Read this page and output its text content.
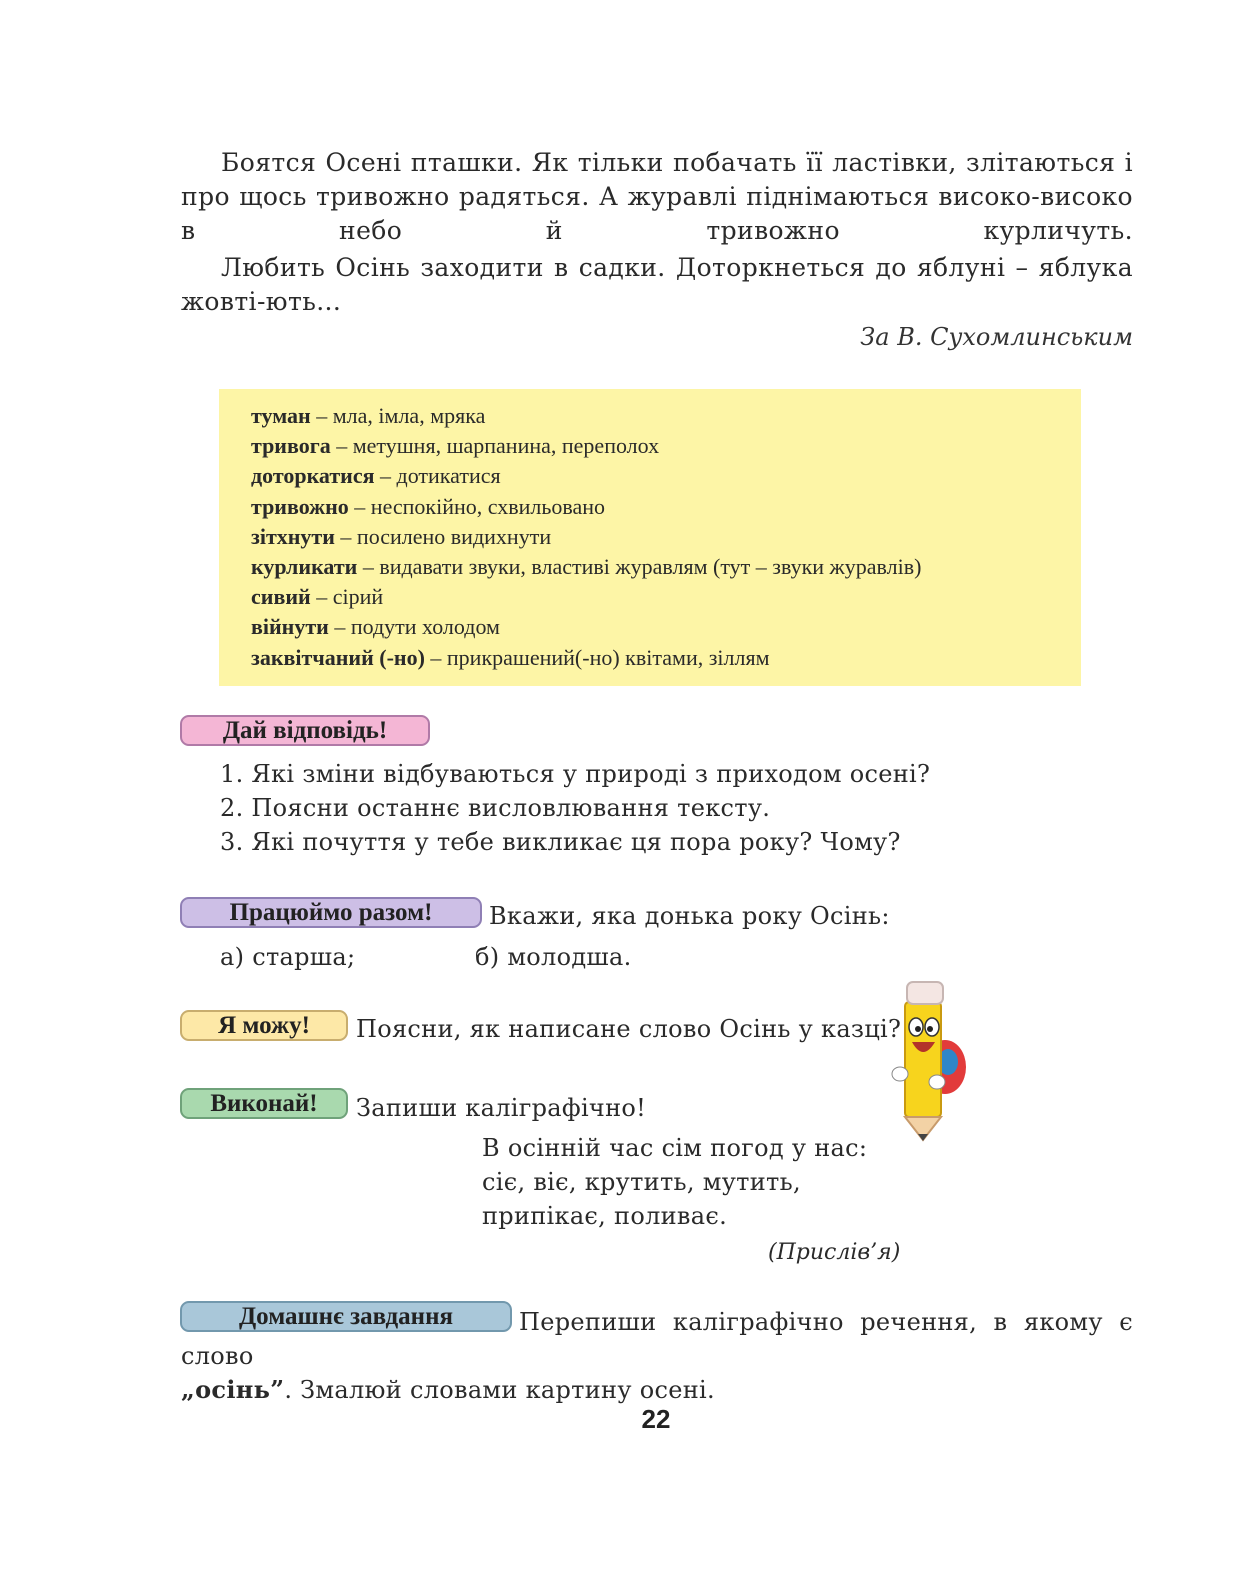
Боятся Осені пташки. Як тільки побачать її ластівки, злітаються і про щось тривожно радяться. А журавлі піднімаються високо-високо в небо й тривожно курличуть.

Любить Осінь заходити в садки. Доторкнеться до яблуні – яблука жовті-ють...

За В. Сухомлинським
туман – мла, імла, мряка
тривога – метушня, шарпанина, переполох
доторкатися – дотикатися
тривожно – неспокійно, схвильовано
зітхнути – посилено видихнути
курликати – видавати звуки, властиві журавлям (тут – звуки журавлів)
сивий – сірий
війнути – подути холодом
заквітчаний (-но) – прикрашений(-но) квітами, зіллям
Дай відповідь!
1. Які зміни відбуваються у природі з приходом осені?
2. Поясни останнє висловлювання тексту.
3. Які почуття у тебе викликає ця пора року? Чому?
Працюймо разом!	Вкажи, яка донька року Осінь:
а) старша;	б) молодша.
Я можу!	Поясни, як написане слово Осінь у казці?
Виконай!	Запиши каліграфічно!
В осінній час сім погод у нас:
сіє, віє, крутить, мутить,
припікає, поливає.
(Прислів’я)
Домашнє завдання	Перепиши каліграфічно речення, в якому є слово
„осінь”. Змалюй словами картину осені.
22
